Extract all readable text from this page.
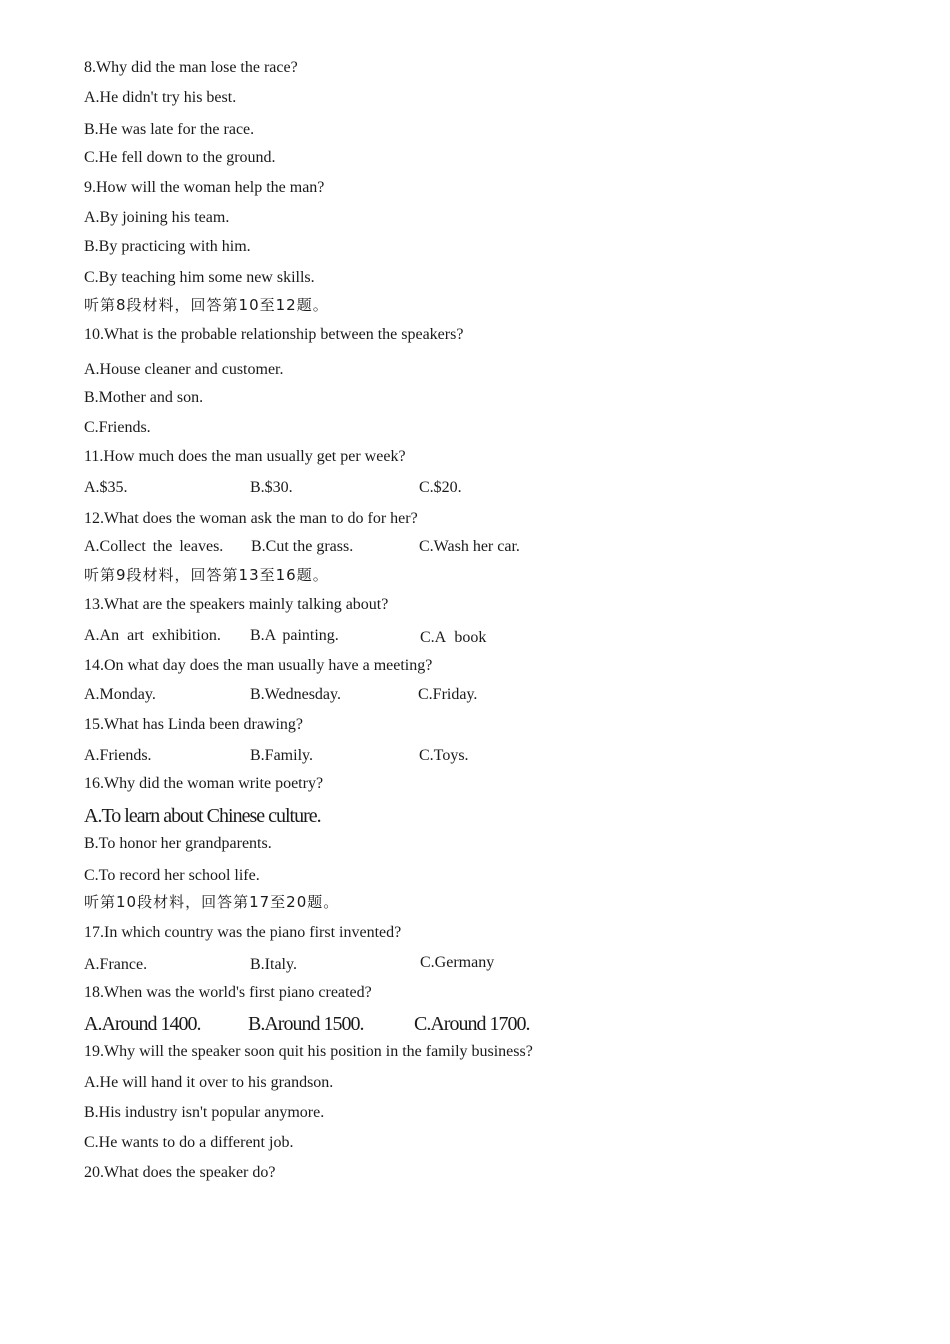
8.Why did the man lose the race?

A.He didn't try his best.

B.He was late for the race.

C.He fell down to the ground.

9.How will the woman help the man?

A.By joining his team.

B.By practicing with him.

C.By teaching him some new skills.

听第8段材料，回答第10至12题。

10.What is the probable relationship between the speakers?

A.House cleaner and customer.

B.Mother and son.

C.Friends.

11.How much does the man usually get per week?

A.$35.	B.$30.	C.$20.

12.What does the woman ask the man to do for her?

A.Collect the leaves. B.Cut the grass.	C.Wash her car.

听第9段材料，回答第13至16题。

13.What are the speakers mainly talking about?

A.An art exhibition. B.A painting.	C.A book

14.On what day does the man usually have a meeting?

A.Monday.	B.Wednesday.	C.Friday.

15.What has Linda been drawing?

A.Friends.	B.Family.	C.Toys.

16.Why did the woman write poetry?

A.To learn about Chinese culture.

B.To honor her grandparents.

C.To record her school life.

听第10段材料，回答第17至20题。

17.In which country was the piano first invented?

A.France.	B.Italy.	C.Germany

18.When was the world's first piano created?

A.Around 1400. B.Around 1500.	C.Around 1700.

19.Why will the speaker soon quit his position in the family business?

A.He will hand it over to his grandson.

B.His industry isn't popular anymore.

C.He wants to do a different job.

20.What does the speaker do?
